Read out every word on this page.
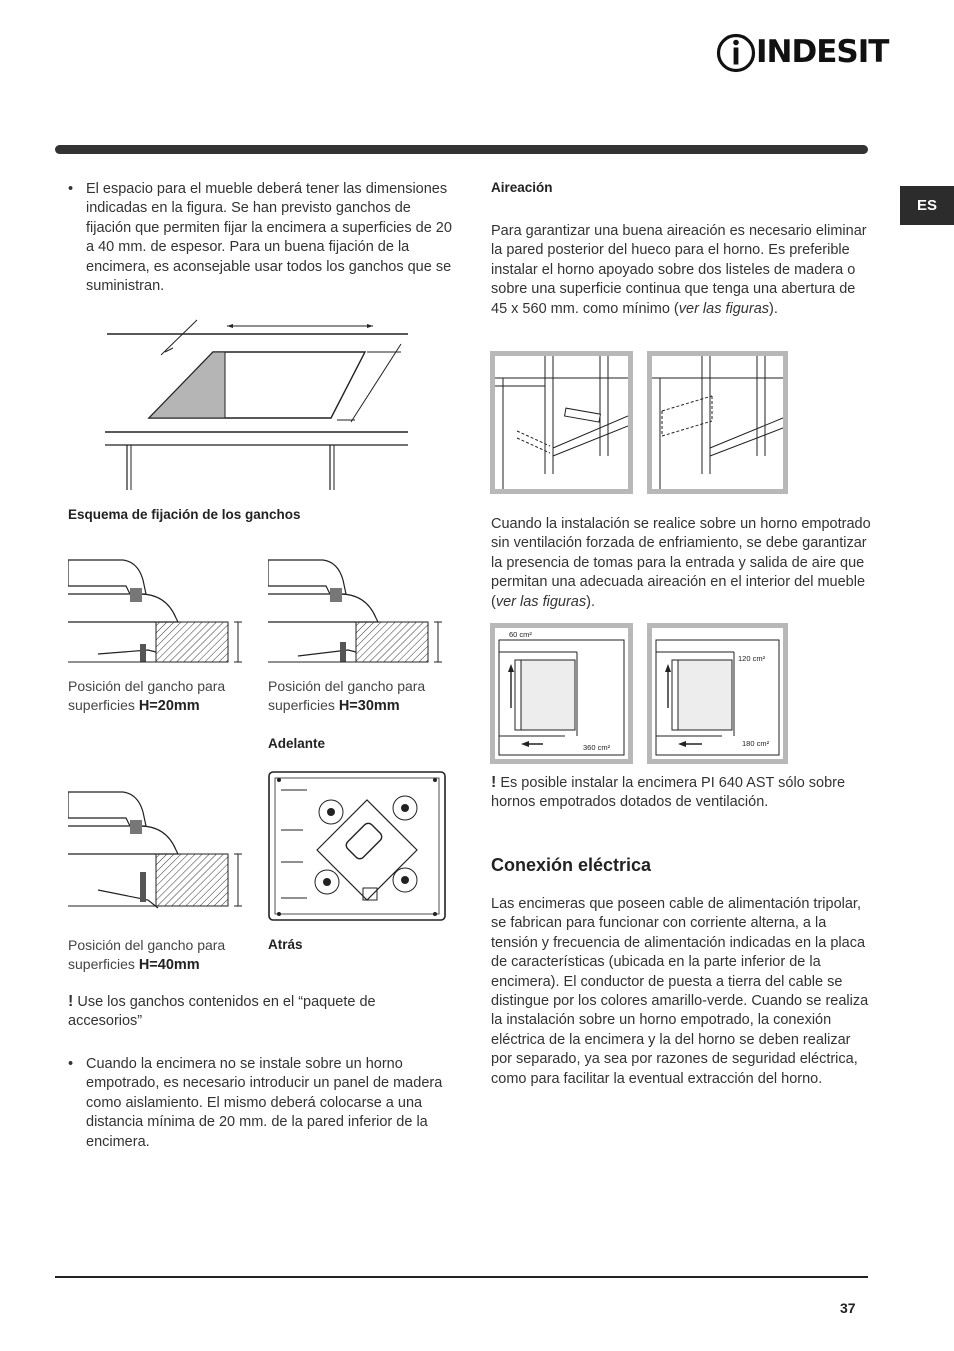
INDESIT
ES
• El espacio para el mueble deberá tener las dimensiones indicadas en la figura. Se han previsto ganchos de fijación que permiten fijar la encimera a superficies de 20 a 40 mm. de espesor. Para un buena fijación de la encimera, es aconsejable usar todos los ganchos que se suministran.
Esquema de fijación de los ganchos
Posición del gancho para superficies H=20mm
Posición del gancho para superficies H=30mm
Adelante
Posición del gancho para superficies H=40mm
Atrás
! Use los ganchos contenidos en el “paquete de accesorios”
• Cuando la encimera no se instale sobre un horno empotrado, es necesario introducir un panel de madera como aislamiento. El mismo deberá colocarse a una distancia mínima de 20 mm. de la pared inferior de la encimera.
Aireación
Para garantizar una buena aireación es necesario eliminar la pared posterior del hueco para el horno. Es preferible instalar el horno apoyado sobre dos listeles de madera o sobre una superficie continua que tenga una abertura de 45 x 560 mm. como mínimo (ver las figuras).
Cuando la instalación se realice sobre un horno empotrado sin ventilación forzada de enfriamiento, se debe garantizar la presencia de tomas para la entrada y salida de aire que permitan una adecuada aireación en el interior del mueble (ver las figuras).
60 cm²
360 cm²
120 cm²
180 cm²
! Es posible instalar la encimera PI 640 AST sólo sobre hornos empotrados dotados de ventilación.
Conexión eléctrica
Las encimeras que poseen cable de alimentación tripolar, se fabrican para funcionar con corriente alterna, a la tensión y frecuencia de alimentación indicadas en la placa de características (ubicada en la parte inferior de la encimera). El conductor de puesta a tierra del cable se distingue por los colores amarillo-verde. Cuando se realiza la instalación sobre un horno empotrado, la conexión eléctrica de la encimera y la del horno se deben realizar por separado, ya sea por razones de seguridad eléctrica, como para facilitar la eventual extracción del horno.
37
